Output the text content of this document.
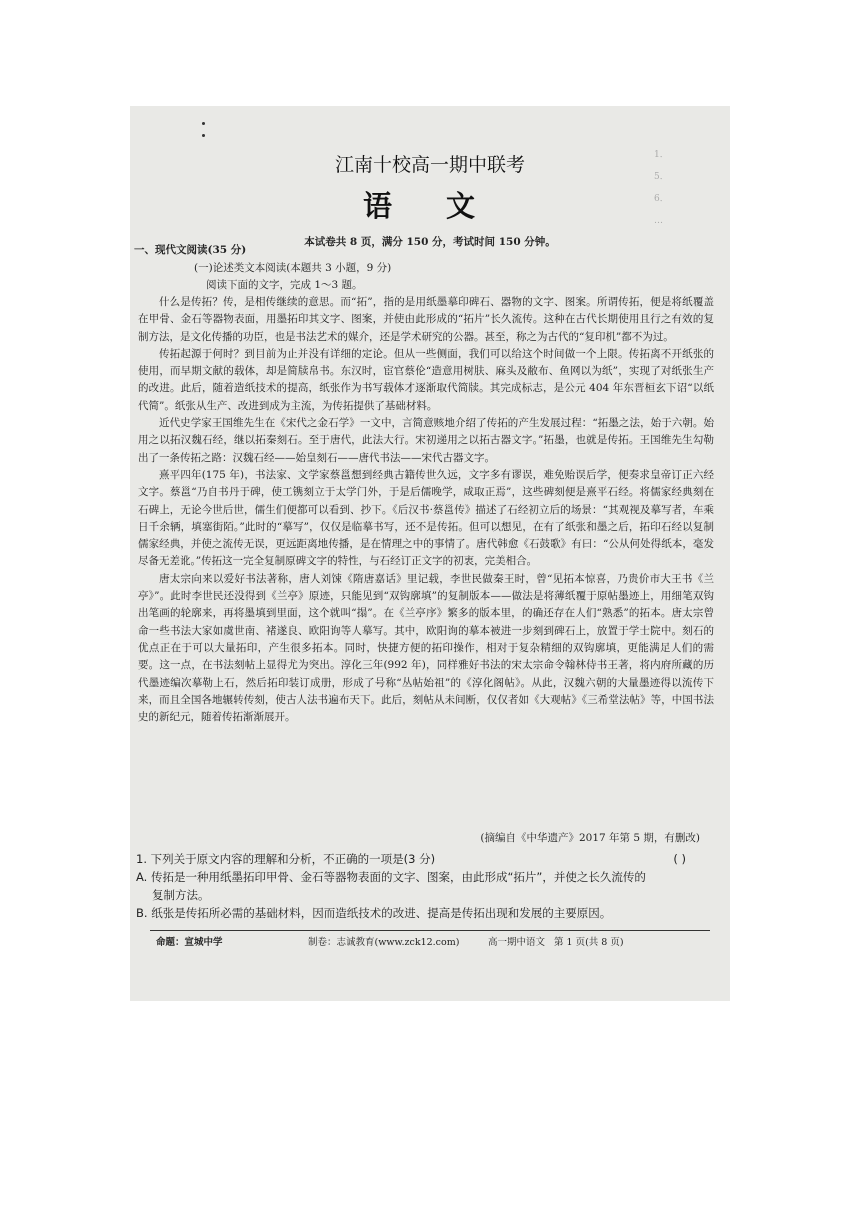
1．
5．
6．
…
江南十校高一期中联考
语 文
本试卷共 8 页，满分 150 分，考试时间 150 分钟。
一、现代文阅读(35 分)
(一)论述类文本阅读(本题共 3 小题，9 分)
阅读下面的文字，完成 1～3 题。

什么是传拓？传，是相传继续的意思。而“拓”，指的是用纸墨摹印碑石、器物的文字、图案。所谓传拓，便是将纸覆盖在甲骨、金石等器物表面，用墨拓印其文字、图案，并使由此形成的“拓片”长久流传。这种在古代长期使用且行之有效的复制方法，是文化传播的功臣，也是书法艺术的媒介，还是学术研究的公器。甚至，称之为古代的“复印机”都不为过。

传拓起源于何时？到目前为止并没有详细的定论。但从一些侧面，我们可以给这个时间做一个上限。传拓离不开纸张的使用，而早期文献的载体，却是简牍帛书。东汉时，宦官蔡伦“造意用树肤、麻头及敝布、鱼网以为纸”，实现了对纸张生产的改进。此后，随着造纸技术的提高，纸张作为书写载体才逐渐取代简牍。其完成标志，是公元 404 年东晋桓玄下诏“以纸代简”。纸张从生产、改进到成为主流，为传拓提供了基础材料。

近代史学家王国维先生在《宋代之金石学》一文中，言简意赅地介绍了传拓的产生发展过程：“拓墨之法，始于六朝。始用之以拓汉魏石经，继以拓秦刻石。至于唐代，此法大行。宋初递用之以拓古器文字。”拓墨，也就是传拓。王国维先生勾勒出了一条传拓之路：汉魏石经——始皇刻石——唐代书法——宋代古器文字。

熹平四年(175 年)，书法家、文学家蔡邕想到经典古籍传世久远，文字多有谬误，难免贻误后学，便奏求皇帝订正六经文字。蔡邕“乃自书丹于碑，使工镌刻立于太学门外，于是后儒晚学，咸取正焉”，这些碑刻便是熹平石经。将儒家经典刻在石碑上，无论今世后世，儒生们便都可以看到、抄下。《后汉书·蔡邕传》描述了石经初立后的场景：“其观视及摹写者，车乘日千余辆，填塞街陌。”此时的“摹写”，仅仅是临摹书写，还不是传拓。但可以想见，在有了纸张和墨之后，拓印石经以复制儒家经典，并使之流传无误，更远距离地传播，是在情理之中的事情了。唐代韩愈《石鼓歌》有曰：“公从何处得纸本，毫发尽备无差讹。”传拓这一完全复制原碑文字的特性，与石经订正文字的初衷，完美相合。

唐太宗向来以爱好书法著称，唐人刘𫗧《隋唐嘉话》里记载，李世民做秦王时，曾“见拓本惊喜，乃贵价市大王书《兰亭》”。此时李世民还没得到《兰亭》原迹，只能见到“双钩廓填”的复制版本——做法是将薄纸覆于原帖墨迹上，用细笔双钩出笔画的轮廓来，再将墨填到里面，这个就叫“搨”。在《兰亭序》繁多的版本里，的确还存在人们“熟悉”的拓本。唐太宗曾命一些书法大家如虞世南、褚遂良、欧阳询等人摹写。其中，欧阳询的摹本被进一步刻到碑石上，放置于学士院中。刻石的优点正在于可以大量拓印，产生很多拓本。同时，快捷方便的拓印操作，相对于复杂精细的双钩廓填，更能满足人们的需要。这一点，在书法刻帖上显得尤为突出。淳化三年(992 年)，同样雅好书法的宋太宗命令翰林侍书王著，将内府所藏的历代墨迹编次摹勒上石，然后拓印装订成册，形成了号称“丛帖始祖”的《淳化阁帖》。从此，汉魏六朝的大量墨迹得以流传下来，而且全国各地辗转传刻，使古人法书遍布天下。此后，刻帖从未间断，仅仅者如《大观帖》《三希堂法帖》等，中国书法史的新纪元，随着传拓渐渐展开。

(摘编自《中华遗产》2017 年第 5 期，有删改)
1. 下列关于原文内容的理解和分析，不正确的一项是(3 分)	( )
A. 传拓是一种用纸墨拓印甲骨、金石等器物表面的文字、图案，由此形成“拓片”，并使之长久流传的
复制方法。
B. 纸张是传拓所必需的基础材料，因而造纸技术的改进、提高是传拓出现和发展的主要原因。
命题：宣城中学	制卷：志诚教育(www.zck12.com)	高一期中语文 第 1 页(共 8 页)
